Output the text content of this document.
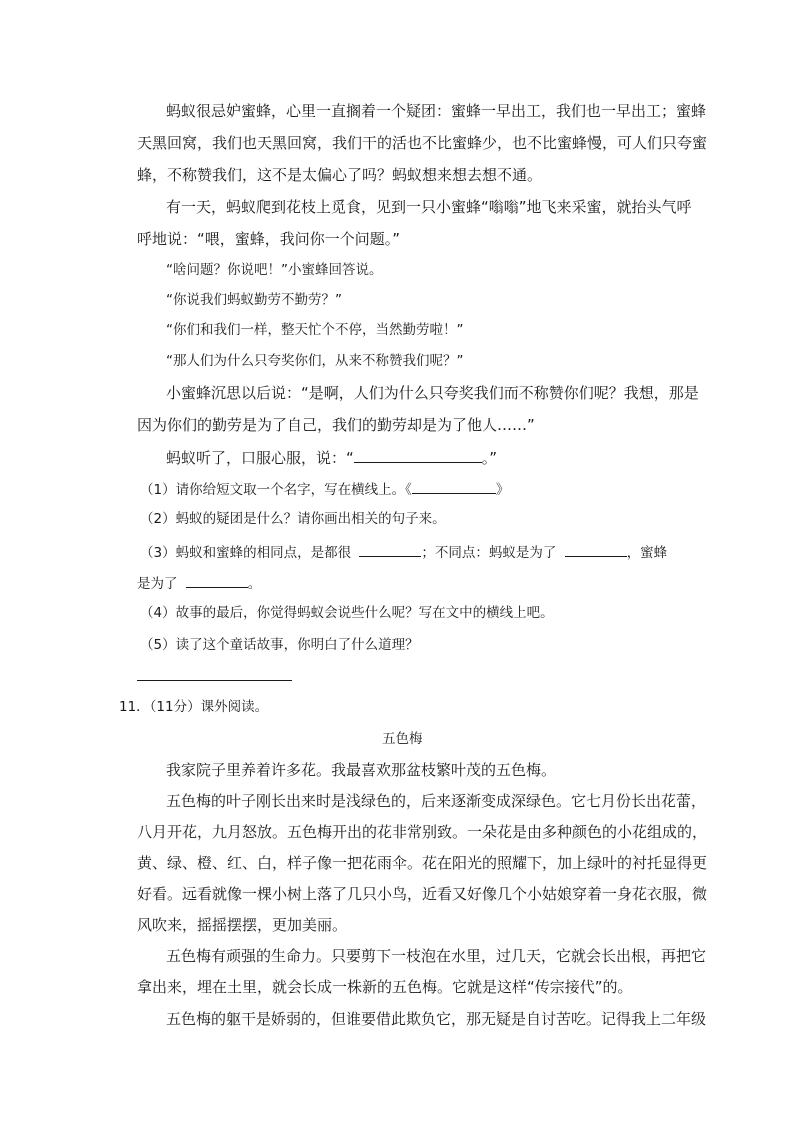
蚂蚁很忌妒蜜蜂，心里一直搁着一个疑团：蜜蜂一早出工，我们也一早出工；蜜蜂
天黑回窝，我们也天黑回窝，我们干的活也不比蜜蜂少，也不比蜜蜂慢，可人们只夸蜜
蜂，不称赞我们，这不是太偏心了吗？蚂蚁想来想去想不通。
有一天，蚂蚁爬到花枝上觅食，见到一只小蜜蜂“嗡嗡”地飞来采蜜，就抬头气呼
呼地说：“喂，蜜蜂，我问你一个问题。”
“啥问题？你说吧！”小蜜蜂回答说。
“你说我们蚂蚁勤劳不勤劳？”
“你们和我们一样，整天忙个不停，当然勤劳啦！”
“那人们为什么只夸奖你们，从来不称赞我们呢？”
小蜜蜂沉思以后说：“是啊，人们为什么只夸奖我们而不称赞你们呢？我想，那是
因为你们的勤劳是为了自己，我们的勤劳却是为了他人……”
蚂蚁听了，口服心服，说：“	。”
（1）请你给短文取一个名字，写在横线上。《	》
（2）蚂蚁的疑团是什么？请你画出相关的句子来。
（3）蚂蚁和蜜蜂的相同点，是都很	；不同点：蚂蚁是为了	，蜜蜂
是为了	。
（4）故事的最后，你觉得蚂蚁会说些什么呢？写在文中的横线上吧。
（5）读了这个童话故事，你明白了什么道理？
11．（11分）课外阅读。
五色梅
我家院子里养着许多花。我最喜欢那盆枝繁叶茂的五色梅。
五色梅的叶子刚长出来时是浅绿色的，后来逐渐变成深绿色。它七月份长出花蕾，
八月开花，九月怒放。五色梅开出的花非常别致。一朵花是由多种颜色的小花组成的，
黄、绿、橙、红、白，样子像一把花雨伞。花在阳光的照耀下，加上绿叶的衬托显得更
好看。远看就像一棵小树上落了几只小鸟，近看又好像几个小姑娘穿着一身花衣服，微
风吹来，摇摇摆摆，更加美丽。
五色梅有顽强的生命力。只要剪下一枝泡在水里，过几天，它就会长出根，再把它
拿出来，埋在土里，就会长成一株新的五色梅。它就是这样“传宗接代”的。
五色梅的躯干是娇弱的，但谁要借此欺负它，那无疑是自讨苦吃。记得我上二年级
